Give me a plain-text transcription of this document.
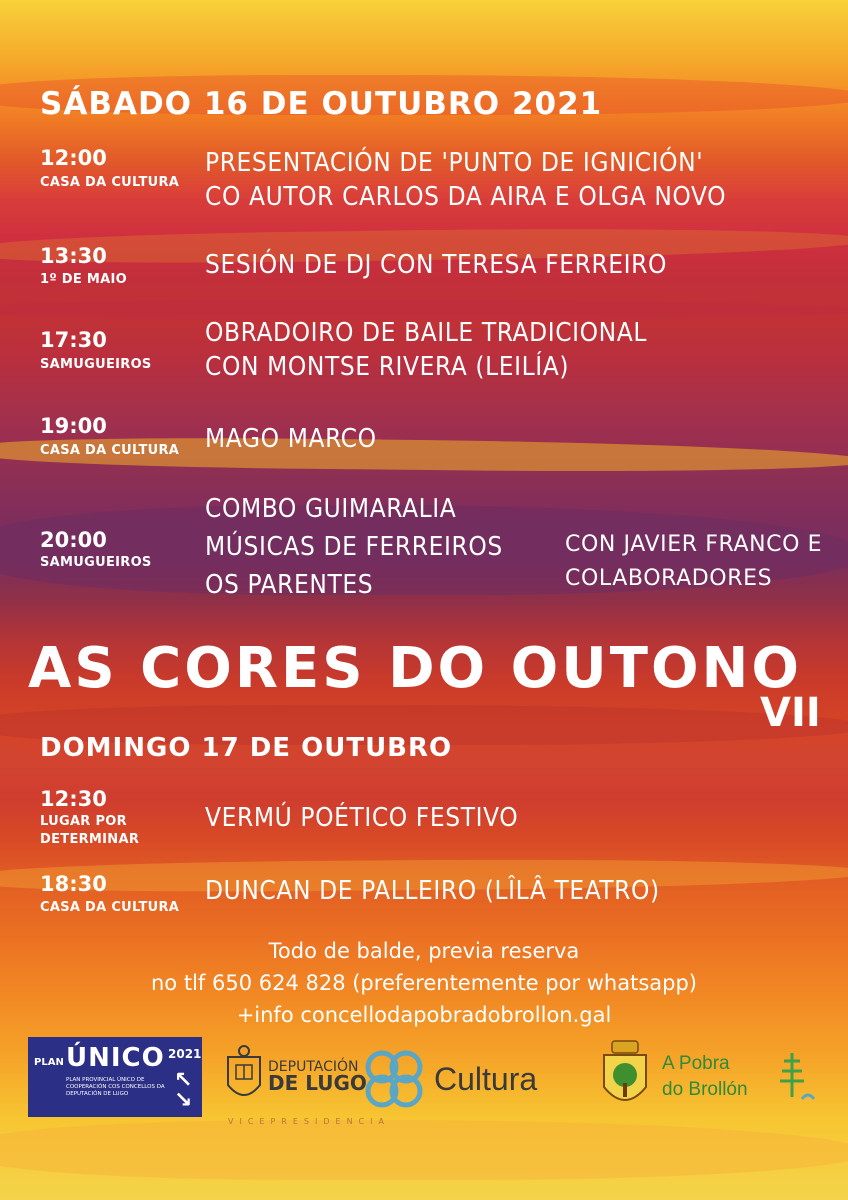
SÁBADO 16 DE OUTUBRO 2021
12:00
CASA DA CULTURA
PRESENTACIÓN DE 'PUNTO DE IGNICIÓN'
CO AUTOR CARLOS DA AIRA E OLGA NOVO
13:30
1º DE MAIO	SESIÓN DE DJ CON TERESA FERREIRO
17:30
SAMUGUEIROS
OBRADOIRO DE BAILE TRADICIONAL
CON MONTSE RIVERA (LEILÍA)
19:00
CASA DA CULTURA MAGO MARCO
20:00
SAMUGUEIROS
COMBO GUIMARALIA
MÚSICAS DE FERREIROS
OS PARENTES
CON JAVIER FRANCO E
COLABORADORES
AS CORES DO OUTONO
VII
DOMINGO 17 DE OUTUBRO
12:30
LUGAR POR
DETERMINAR
VERMÚ POÉTICO FESTIVO
18:30
CASA DA CULTURA
DUNCAN DE PALLEIRO (LÎLÂ TEATRO)
Todo de balde, previa reserva
no tlf 650 624 828 (preferentemente por whatsapp)
+info concellodapobradobrollon.gal
PLAN ÚNICO 2021
PLAN PROVINCIAL ÚNICO DE COOPERACIÓN COS CONCELLOS DA DEPUTACIÓN DE LUGO
↖
↘
DEPUTACIÓN
DE LUGO Cultura
VICEPRESIDENCIA
A Pobra
do Brollón
